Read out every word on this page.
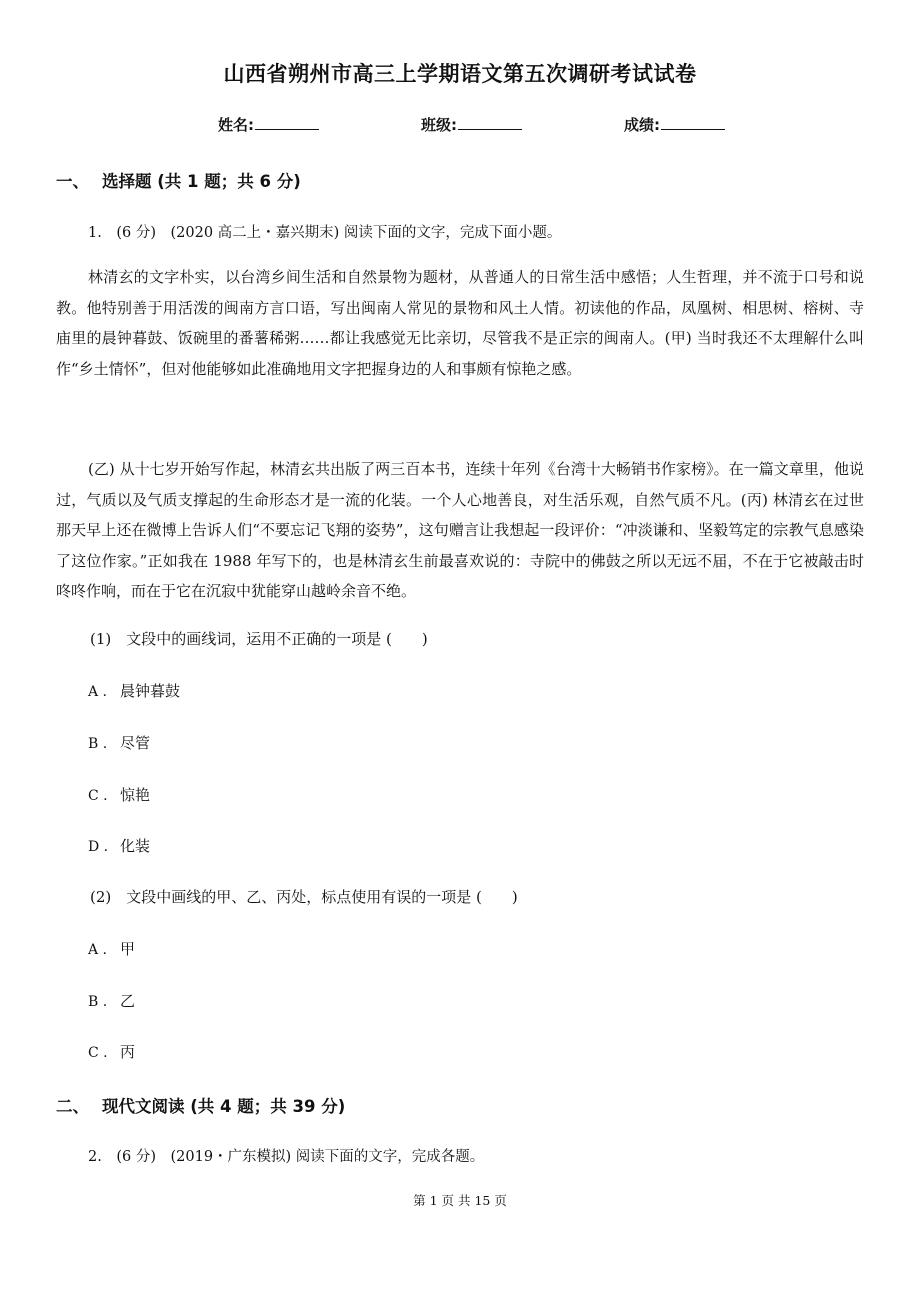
山西省朔州市高三上学期语文第五次调研考试试卷
姓名:	班级:	成绩:
一、 选择题 (共 1 题；共 6 分)
1.　(6 分)　(2020 高二上・嘉兴期末) 阅读下面的文字，完成下面小题。
林清玄的文字朴实，以台湾乡间生活和自然景物为题材，从普通人的日常生活中感悟；人生哲理，并不流于口号和说教。他特别善于用活泼的闽南方言口语，写出闽南人常见的景物和风土人情。初读他的作品，凤凰树、相思树、榕树、寺庙里的晨钟暮鼓、饭碗里的番薯稀粥……都让我感觉无比亲切，尽管我不是正宗的闽南人。(甲) 当时我还不太理解什么叫作“乡土情怀”，但对他能够如此准确地用文字把握身边的人和事颇有惊艳之感。
(乙) 从十七岁开始写作起，林清玄共出版了两三百本书，连续十年列《台湾十大畅销书作家榜》。在一篇文章里，他说过，气质以及气质支撑起的生命形态才是一流的化装。一个人心地善良，对生活乐观，自然气质不凡。(丙) 林清玄在过世那天早上还在微博上告诉人们“不要忘记飞翔的姿势”，这句赠言让我想起一段评价：“冲淡谦和、坚毅笃定的宗教气息感染了这位作家。”正如我在 1988 年写下的，也是林清玄生前最喜欢说的：寺院中的佛鼓之所以无远不届，不在于它被敲击时咚咚作响，而在于它在沉寂中犹能穿山越岭余音不绝。
(1)　文段中的画线词，运用不正确的一项是 (　　)
A . 晨钟暮鼓
B . 尽管
C . 惊艳
D . 化装
(2)　文段中画线的甲、乙、丙处，标点使用有误的一项是 (　　)
A . 甲
B . 乙
C . 丙
二、 现代文阅读 (共 4 题；共 39 分)
2.　(6 分)　(2019・广东模拟) 阅读下面的文字，完成各题。
第 1 页 共 15 页
